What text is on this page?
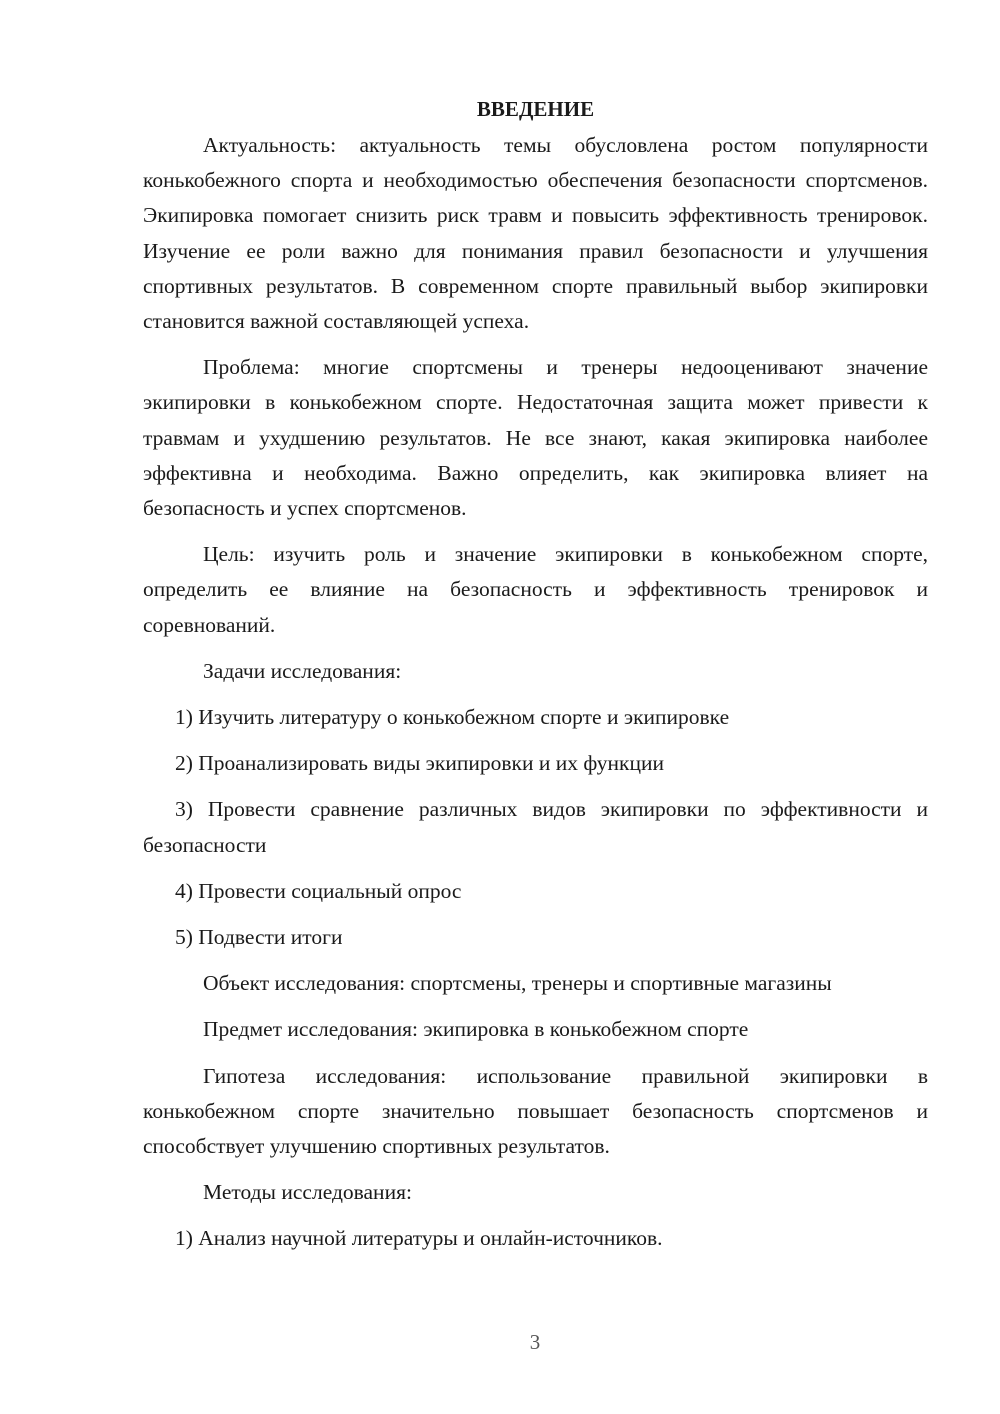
ВВЕДЕНИЕ

Актуальность: актуальность темы обусловлена ростом популярности конькобежного спорта и необходимостью обеспечения безопасности спортсменов. Экипировка помогает снизить риск травм и повысить эффективность тренировок. Изучение ее роли важно для понимания правил безопасности и улучшения спортивных результатов. В современном спорте правильный выбор экипировки становится важной составляющей успеха.

Проблема: многие спортсмены и тренеры недооценивают значение экипировки в конькобежном спорте. Недостаточная защита может привести к травмам и ухудшению результатов. Не все знают, какая экипировка наиболее эффективна и необходима. Важно определить, как экипировка влияет на безопасность и успех спортсменов.

Цель: изучить роль и значение экипировки в конькобежном спорте, определить ее влияние на безопасность и эффективность тренировок и соревнований.

Задачи исследования:

1) Изучить литературу о конькобежном спорте и экипировке

2) Проанализировать виды экипировки и их функции

3) Провести сравнение различных видов экипировки по эффективности и безопасности

4) Провести социальный опрос

5) Подвести итоги

Объект исследования: спортсмены, тренеры и спортивные магазины

Предмет исследования: экипировка в конькобежном спорте

Гипотеза исследования: использование правильной экипировки в конькобежном спорте значительно повышает безопасность спортсменов и способствует улучшению спортивных результатов.

Методы исследования:

1) Анализ научной литературы и онлайн-источников.

3
